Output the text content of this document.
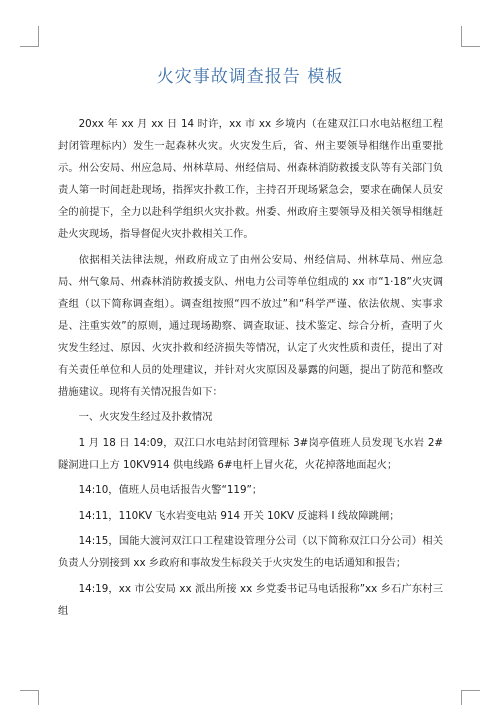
火灾事故调查报告 模板

20xx 年 xx 月 xx 日 14 时许，xx 市 xx 乡境内（在建双江口水电站枢纽工程封闭管理标内）发生一起森林火灾。火灾发生后，省、州主要领导相继作出重要批示。州公安局、州应急局、州林草局、州经信局、州森林消防救援支队等有关部门负责人第一时间赶赴现场，指挥灾扑救工作，主持召开现场紧急会，要求在确保人员安全的前提下，全力以赴科学组织火灾扑救。州委、州政府主要领导及相关领导相继赶赴火灾现场，指导督促火灾扑救相关工作。

依据相关法律法规，州政府成立了由州公安局、州经信局、州林草局、州应急局、州气象局、州森林消防救援支队、州电力公司等单位组成的 xx 市“1·18”火灾调查组（以下简称调查组）。调查组按照“四不放过”和“科学严谨、依法依规、实事求是、注重实效”的原则，通过现场勘察、调查取证、技术鉴定、综合分析，查明了火灾发生经过、原因、火灾扑救和经济损失等情况，认定了火灾性质和责任，提出了对有关责任单位和人员的处理建议，并针对火灾原因及暴露的问题，提出了防范和整改措施建议。现将有关情况报告如下：

一、火灾发生经过及扑救情况

1 月 18 日 14:09，双江口水电站封闭管理标 3#岗亭值班人员发现飞水岩 2#隧洞进口上方 10KV914 供电线路 6#电杆上冒火花，火花掉落地面起火；

14:10，值班人员电话报告火警“119”；

14:11，110KV 飞水岩变电站 914 开关 10KV 反滤料 I 线故障跳闸；

14:15，国能大渡河双江口工程建设管理分公司（以下简称双江口分公司）相关负责人分别接到 xx 乡政府和事故发生标段关于火灾发生的电话通知和报告；

14:19，xx 市公安局 xx 派出所接 xx 乡党委书记马电话报称”xx 乡石广东村三组
